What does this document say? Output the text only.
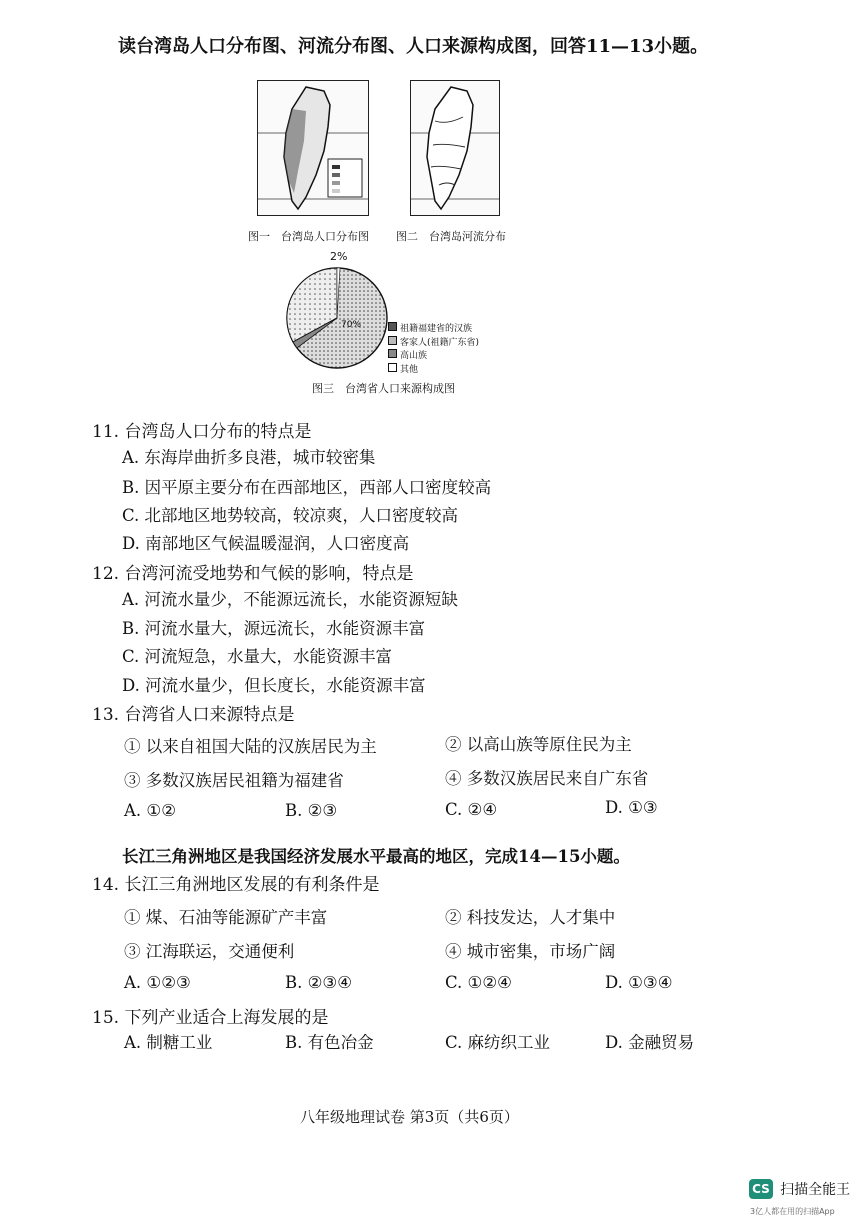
读台湾岛人口分布图、河流分布图、人口来源构成图，回答11—13小题。
图一　台湾岛人口分布图 图二　台湾岛河流分布
2%
70%	祖籍福建省的汉族
客家人(祖籍广东省)
高山族
其他
图三　台湾省人口来源构成图
11. 台湾岛人口分布的特点是
A. 东海岸曲折多良港，城市较密集
B. 因平原主要分布在西部地区，西部人口密度较高
C. 北部地区地势较高，较凉爽，人口密度较高
D. 南部地区气候温暖湿润，人口密度高
12. 台湾河流受地势和气候的影响，特点是
A. 河流水量少，不能源远流长，水能资源短缺
B. 河流水量大，源远流长，水能资源丰富
C. 河流短急，水量大，水能资源丰富
D. 河流水量少，但长度长，水能资源丰富
13. 台湾省人口来源特点是
① 以来自祖国大陆的汉族居民为主	② 以高山族等原住民为主
③ 多数汉族居民祖籍为福建省	④ 多数汉族居民来自广东省
A. ①②	B. ②③	C. ②④	D. ①③
长江三角洲地区是我国经济发展水平最高的地区，完成14—15小题。
14. 长江三角洲地区发展的有利条件是
① 煤、石油等能源矿产丰富	② 科技发达，人才集中
③ 江海联运，交通便利	④ 城市密集，市场广阔
A. ①②③	B. ②③④	C. ①②④	D. ①③④
15. 下列产业适合上海发展的是
A. 制糖工业	B. 有色冶金	C. 麻纺织工业	D. 金融贸易
八年级地理试卷 第3页（共6页）
CS 扫描全能王
3亿人都在用的扫描App
